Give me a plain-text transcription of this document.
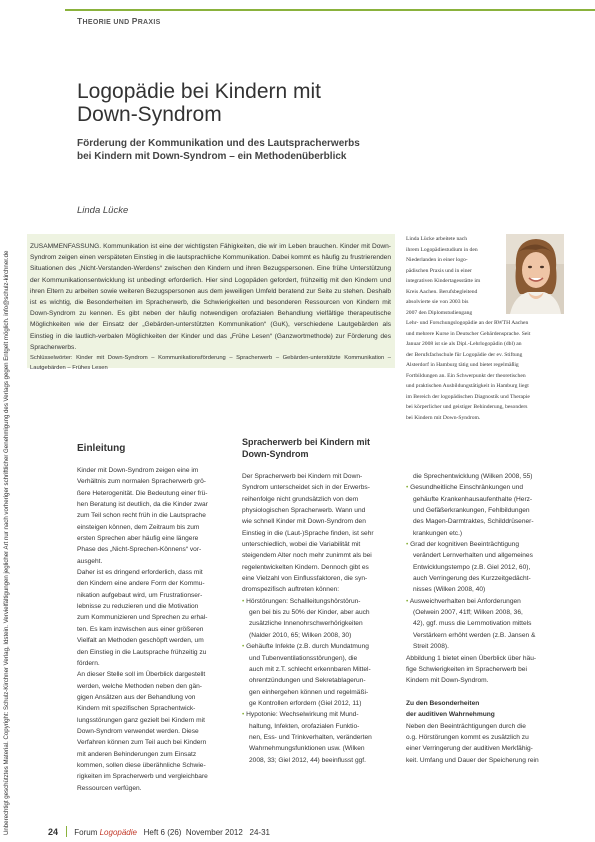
Unberechtigt geschütztes Material. Copyright: Schulz-Kirchner Verlag, Idstein. Vervielfältigungen jeglicher Art nur nach vorheriger schriftlicher Genehmigung des Verlags gegen Entgelt möglich. info@schulz-kirchner.de
THEORIE UND PRAXIS
Logopädie bei Kindern mit
Down-Syndrom
Förderung der Kommunikation und des Lautspracherwerbs
bei Kindern mit Down-Syndrom – ein Methodenüberblick
Linda Lücke

ZUSAMMENFASSUNG. Kommunikation ist eine der wichtigsten Fähigkeiten, die wir im Leben brauchen. Kinder mit Down-Syndrom zeigen einen verspäteten Einstieg in die lautsprachliche Kommunikation. Dabei kommt es häufig zu frustrierenden Situationen des „Nicht-Verstanden-Werdens“ zwischen den Kindern und ihren Bezugspersonen. Eine frühe Unterstützung der Kommunikationsentwicklung ist unbedingt erforderlich. Hier sind Logopäden gefordert, frühzeitig mit den Kindern und ihren Eltern zu arbeiten sowie weiteren Bezugspersonen aus dem jeweiligen Umfeld beratend zur Seite zu stehen. Deshalb ist es wichtig, die Besonderheiten im Spracherwerb, die Schwierigkeiten und besonderen Ressourcen von Kindern mit Down-Syndrom zu kennen. Es gibt neben der häufig notwendigen orofazialen Behandlung vielfältige therapeutische Möglichkeiten wie der Einsatz der „Gebärden-unterstützten Kommunikation“ (GuK), verschiedene Lautgebärden als Einstieg in die lautlich-verbalen Möglichkeiten der Kinder und das „Frühe Lesen“ (Ganzwortmethode) zur Förderung des Spracherwerbs.

Schlüsselwörter: Kinder mit Down-Syndrom – Kommunikationsförderung – Spracherwerb – Gebärden-unterstützte Kommunikation – Lautgebärden – Frühes Lesen

Linda Lücke arbeitete nach
ihrem Logopädiestudium in den
Niederlanden in einer logo-
pädischen Praxis und in einer
integrativen Kindertagesstätte im
Kreis Aachen. Berufsbegleitend
absolvierte sie von 2003 bis
2007 den Diplomstudiengang
Lehr- und Forschungslogopädie an der RWTH Aachen
und mehrere Kurse in Deutscher Gebärdensprache. Seit
Januar 2008 ist sie als Dipl.-Lehrlogopädin (dbl) an
der Berufsfachschule für Logopädie der ev. Stiftung
Alsterdorf in Hamburg tätig und bietet regelmäßig
Fortbildungen an. Ein Schwerpunkt der theoretischen
und praktischen Ausbildungstätigkeit in Hamburg liegt
im Bereich der logopädischen Diagnostik und Therapie
bei körperlicher und geistiger Behinderung, besonders
bei Kindern mit Down-Syndrom.
Einleitung
Spracherwerb bei Kindern mit Down-Syndrom
Kinder mit Down-Syndrom zeigen eine im
Verhältnis zum normalen Spracherwerb grö-
ßere Heterogenität. Die Bedeutung einer frü-
hen Beratung ist deutlich, da die Kinder zwar
zum Teil schon recht früh in die Lautsprache
einsteigen können, dem Zeitraum bis zum
ersten Sprechen aber häufig eine längere
Phase des „Nicht-Sprechen-Könnens“ vor-
ausgeht.
Daher ist es dringend erforderlich, dass mit
den Kindern eine andere Form der Kommu-
nikation aufgebaut wird, um Frustrationser-
lebnisse zu reduzieren und die Motivation
zum Kommunizieren und Sprechen zu erhal-
ten. Es kam inzwischen aus einer größeren
Vielfalt an Methoden geschöpft werden, um
den Einstieg in die Lautsprache frühzeitig zu
fördern.
An dieser Stelle soll im Überblick dargestellt
werden, welche Methoden neben den gän-
gigen Ansätzen aus der Behandlung von
Kindern mit spezifischen Sprachentwick-
lungsstörungen ganz gezielt bei Kindern mit
Down-Syndrom verwendet werden. Diese
Verfahren können zum Teil auch bei Kindern
mit anderen Behinderungen zum Einsatz
kommen, sollen diese überähnliche Schwie-
rigkeiten im Spracherwerb und vergleichbare
Ressourcen verfügen.
Der Spracherwerb bei Kindern mit Down-
Syndrom unterscheidet sich in der Erwerbs-
reihenfolge nicht grundsätzlich von dem
physiologischen Spracherwerb. Wann und
wie schnell Kinder mit Down-Syndrom den
Einstieg in die (Laut-)Sprache finden, ist sehr
unterschiedlich, wobei die Variabilität mit
steigendem Alter noch mehr zunimmt als bei
regelentwickelten Kindern. Dennoch gibt es
eine Vielzahl von Einflussfaktoren, die syn-
dromspezifisch auftreten können:
• Hörstörungen: Schallleitungshörstörun-
gen bei bis zu 50% der Kinder, aber auch
zusätzliche Innenohrschwerhörigkeiten
(Nalder 2010, 65; Wilken 2008, 30)
• Gehäufte Infekte (z.B. durch Mundatmung
und Tubenventilationsstörungen), die
auch mit z.T. schlecht erkennbaren Mittel-
ohrentzündungen und Sekretablagerun-
gen einhergehen können und regelmäßi-
ge Kontrollen erfordern (Giel 2012, 11)
• Hypotonie: Wechselwirkung mit Mund-
haltung, Infekten, orofazialen Funktio-
nen, Ess- und Trinkverhalten, veränderten
Wahrnehmungsfunktionen usw. (Wilken
2008, 33; Giel 2012, 44) beeinflusst ggf.
die Sprechentwicklung (Wilken 2008, 55)
• Gesundheitliche Einschränkungen und
gehäufte Krankenhausaufenthalte (Herz-
und Gefäßerkrankungen, Fehlbildungen
des Magen-Darmtraktes, Schilddrüsener-
krankungen etc.)
• Grad der kognitiven Beeinträchtigung
verändert Lernverhalten und allgemeines
Entwicklungstempo (z.B. Giel 2012, 60),
auch Verringerung des Kurzzeitgedächt-
nisses (Wilken 2008, 40)
• Ausweichverhalten bei Anforderungen
(Oelwein 2007, 41ff; Wilken 2008, 36,
42), ggf. muss die Lernmotivation mittels
Verstärkern erhöht werden (z.B. Jansen &
Streit 2008).
Abbildung 1 bietet einen Überblick über häu-
fige Schwierigkeiten im Spracherwerb bei
Kindern mit Down-Syndrom.

Zu den Besonderheiten
der auditiven Wahrnehmung
Neben den Beeinträchtigungen durch die
o.g. Hörstörungen kommt es zusätzlich zu
einer Verringerung der auditiven Merkfähig-
keit. Umfang und Dauer der Speicherung rein
24 Forum Logopädie Heft 6 (26) November 2012 24-31
